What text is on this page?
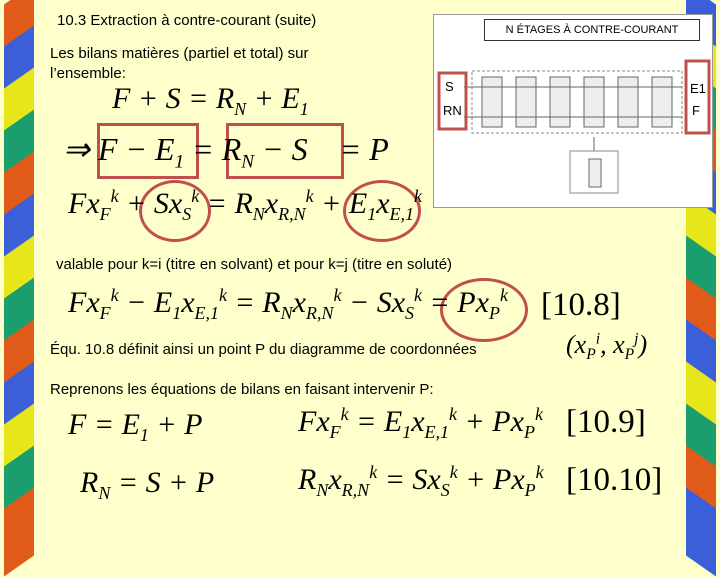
10.3 Extraction à contre-courant (suite)
Les bilans matières (partiel et total) sur
l’ensemble:
N ÉTAGES À CONTRE-COURANT
S
RN
E1
F
$F + S = R_N + E_1$
⇒ $F - E_1 = R_N - S$    = P
$Fx_F^k + Sx_S^k = R_Nx_{R,N}^k + E_1x_{E,1}^k$
valable pour k=i (titre en solvant) et pour k=j (titre en soluté)
$Fx_F^k - E_1x_{E,1}^k = R_Nx_{R,N}^k - Sx_S^k = Px_P^k$ [10.8]
Équ. 10.8 définit ainsi un point P du diagramme de coordonnées	($x_P^i$, $x_P^j$)
Reprenons les équations de bilans en faisant intervenir P:
$F = E_1 + P$	$Fx_F^k = E_1x_{E,1}^k + Px_P^k$ [10.9]
$R_N = S + P$	$R_Nx_{R,N}^k = Sx_S^k + Px_P^k$ [10.10]
